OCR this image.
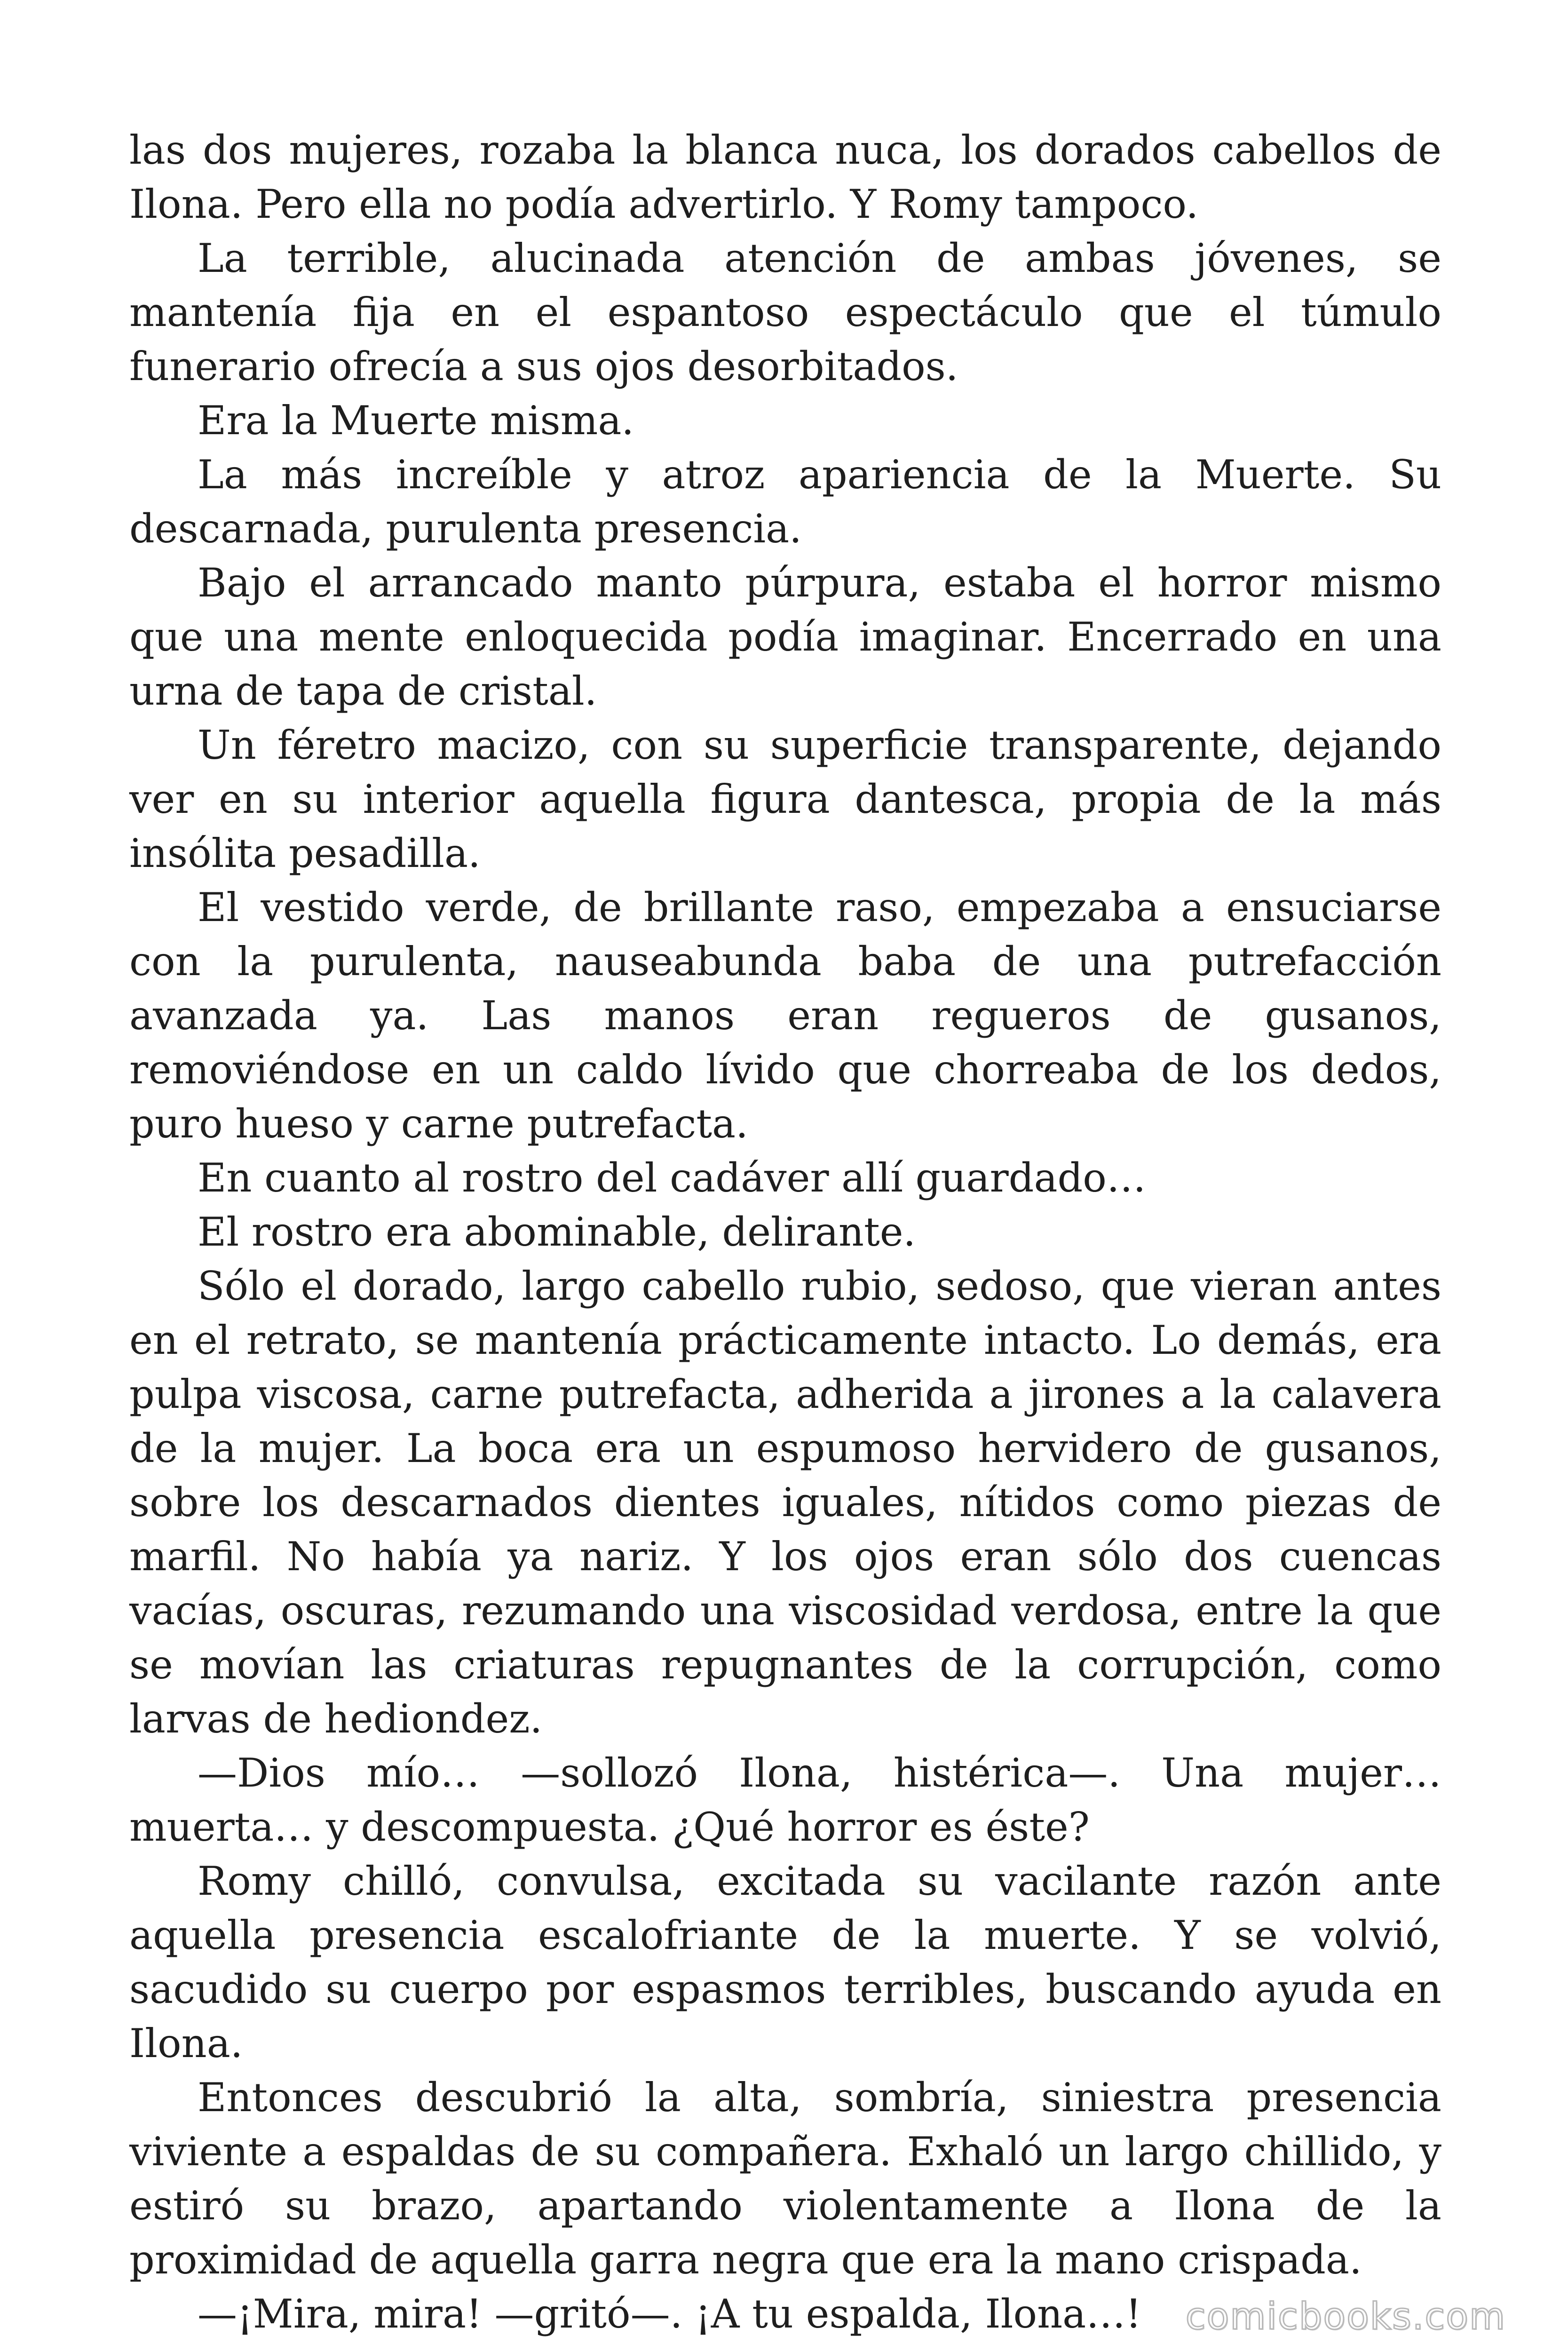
las dos mujeres, rozaba la blanca nuca, los dorados cabellos de Ilona. Pero ella no podía advertirlo. Y Romy tampoco.

La terrible, alucinada atención de ambas jóvenes, se mantenía fija en el espantoso espectáculo que el túmulo funerario ofrecía a sus ojos desorbitados.

Era la Muerte misma.

La más increíble y atroz apariencia de la Muerte. Su descarnada, purulenta presencia.

Bajo el arrancado manto púrpura, estaba el horror mismo que una mente enloquecida podía imaginar. Encerrado en una urna de tapa de cristal.

Un féretro macizo, con su superficie transparente, dejando ver en su interior aquella figura dantesca, propia de la más insólita pesadilla.

El vestido verde, de brillante raso, empezaba a ensuciarse con la purulenta, nauseabunda baba de una putrefacción avanzada ya. Las manos eran regueros de gusanos, removiéndose en un caldo lívido que chorreaba de los dedos, puro hueso y carne putrefacta.

En cuanto al rostro del cadáver allí guardado…

El rostro era abominable, delirante.

Sólo el dorado, largo cabello rubio, sedoso, que vieran antes en el retrato, se mantenía prácticamente intacto. Lo demás, era pulpa viscosa, carne putrefacta, adherida a jirones a la calavera de la mujer. La boca era un espumoso hervidero de gusanos, sobre los descarnados dientes iguales, nítidos como piezas de marfil. No había ya nariz. Y los ojos eran sólo dos cuencas vacías, oscuras, rezumando una viscosidad verdosa, entre la que se movían las criaturas repugnantes de la corrupción, como larvas de hediondez.

—Dios mío… —sollozó Ilona, histérica—. Una mujer… muerta… y descompuesta. ¿Qué horror es éste?

Romy chilló, convulsa, excitada su vacilante razón ante aquella presencia escalofriante de la muerte. Y se volvió, sacudido su cuerpo por espasmos terribles, buscando ayuda en Ilona.

Entonces descubrió la alta, sombría, siniestra presencia viviente a espaldas de su compañera. Exhaló un largo chillido, y estiró su brazo, apartando violentamente a Ilona de la proximidad de aquella garra negra que era la mano crispada.

—¡Mira, mira! —gritó—. ¡A tu espalda, Ilona…!	comicbooks.com
